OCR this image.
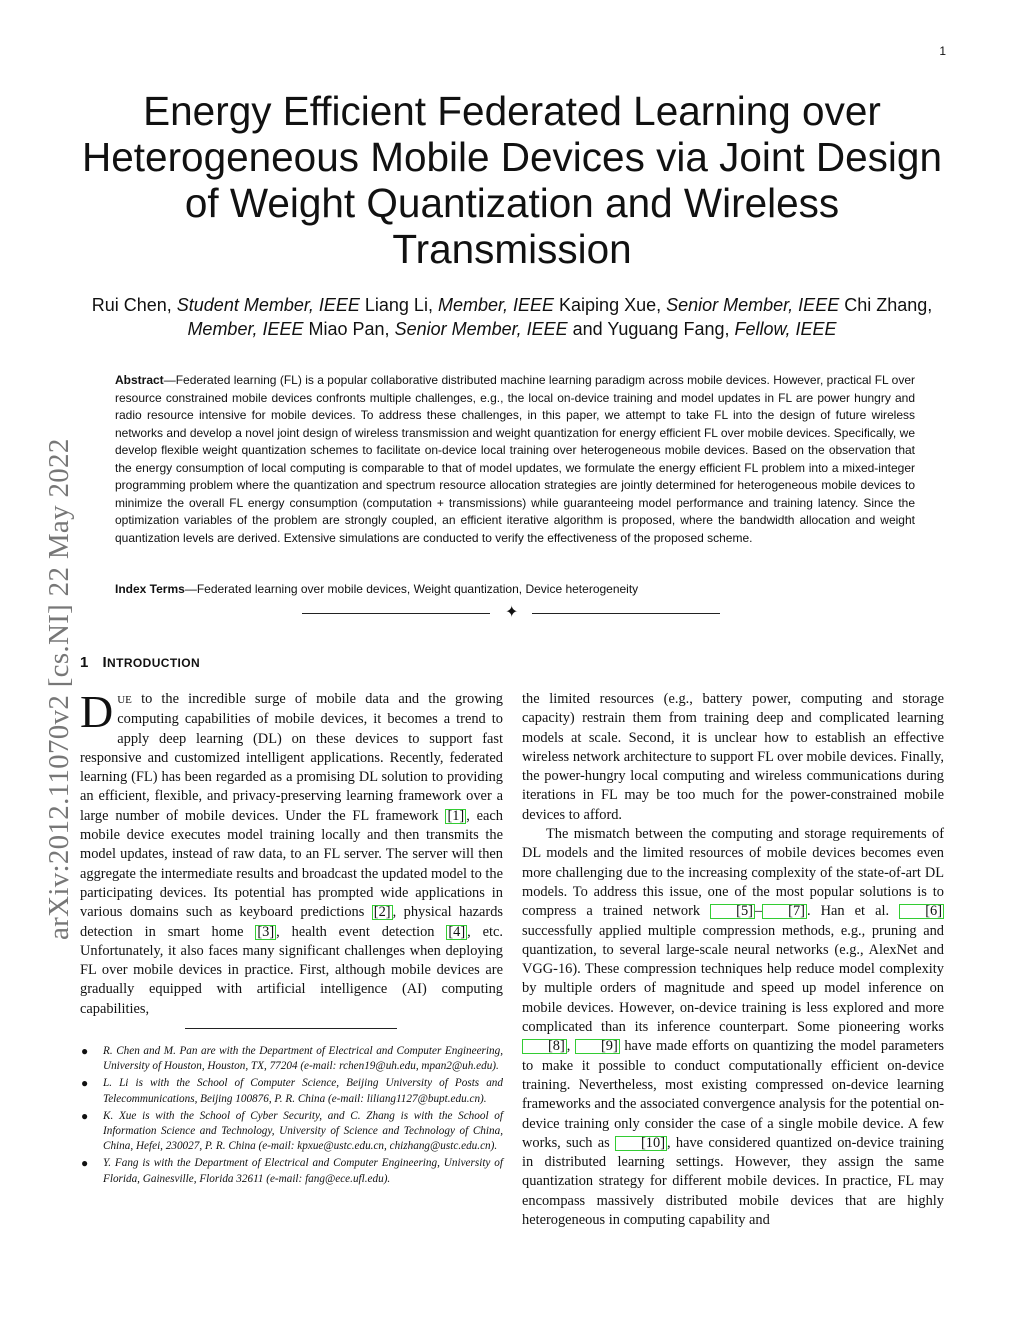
1
arXiv:2012.11070v2 [cs.NI] 22 May 2022
Energy Efficient Federated Learning over
Heterogeneous Mobile Devices via Joint Design
of Weight Quantization and Wireless
Transmission
Rui Chen, Student Member, IEEE Liang Li, Member, IEEE Kaiping Xue, Senior Member, IEEE Chi Zhang, Member, IEEE Miao Pan, Senior Member, IEEE and Yuguang Fang, Fellow, IEEE
Abstract—Federated learning (FL) is a popular collaborative distributed machine learning paradigm across mobile devices. However, practical FL over resource constrained mobile devices confronts multiple challenges, e.g., the local on-device training and model updates in FL are power hungry and radio resource intensive for mobile devices. To address these challenges, in this paper, we attempt to take FL into the design of future wireless networks and develop a novel joint design of wireless transmission and weight quantization for energy efficient FL over mobile devices. Specifically, we develop flexible weight quantization schemes to facilitate on-device local training over heterogeneous mobile devices. Based on the observation that the energy consumption of local computing is comparable to that of model updates, we formulate the energy efficient FL problem into a mixed-integer programming problem where the quantization and spectrum resource allocation strategies are jointly determined for heterogeneous mobile devices to minimize the overall FL energy consumption (computation + transmissions) while guaranteeing model performance and training latency. Since the optimization variables of the problem are strongly coupled, an efficient iterative algorithm is proposed, where the bandwidth allocation and weight quantization levels are derived. Extensive simulations are conducted to verify the effectiveness of the proposed scheme.
Index Terms—Federated learning over mobile devices, Weight quantization, Device heterogeneity
✦
1 INTRODUCTION

DUE to the incredible surge of mobile data and the growing computing capabilities of mobile devices, it becomes a trend to apply deep learning (DL) on these devices to support fast responsive and customized intelligent applications. Recently, federated learning (FL) has been regarded as a promising DL solution to providing an efficient, flexible, and privacy-preserving learning framework over a large number of mobile devices. Under the FL framework [1] , each mobile device executes model training locally and then transmits the model updates, instead of raw data, to an FL server. The server will then aggregate the intermediate results and broadcast the updated model to the participating devices. Its potential has prompted wide applications in various domains such as keyboard predictions [2] , physical hazards detection in smart home [3] , health event detection [4] , etc. Unfortunately, it also faces many significant challenges when deploying FL over mobile devices in practice. First, although mobile devices are gradually equipped with artificial intelligence (AI) computing capabilities,

● R. Chen and M. Pan are with the Department of Electrical and Computer Engineering, University of Houston, Houston, TX, 77204 (e-mail: rchen19@uh.edu, mpan2@uh.edu).
● L. Li is with the School of Computer Science, Beijing University of Posts and Telecommunications, Beijing 100876, P. R. China (e-mail: liliang1127@bupt.edu.cn).
● K. Xue is with the School of Cyber Security, and C. Zhang is with the School of Information Science and Technology, University of Science and Technology of China, China, Hefei, 230027, P. R. China (e-mail: kpxue@ustc.edu.cn, chizhang@ustc.edu.cn).
● Y. Fang is with the Department of Electrical and Computer Engineering, University of Florida, Gainesville, Florida 32611 (e-mail: fang@ece.ufl.edu).

the limited resources (e.g., battery power, computing and storage capacity) restrain them from training deep and complicated learning models at scale. Second, it is unclear how to establish an effective wireless network architecture to support FL over mobile devices. Finally, the power-hungry local computing and wireless communications during iterations in FL may be too much for the power-constrained mobile devices to afford.

The mismatch between the computing and storage requirements of DL models and the limited resources of mobile devices becomes even more challenging due to the increasing complexity of the state-of-art DL models. To address this issue, one of the most popular solutions is to compress a trained network [5] – [7] . Han et al. [6] successfully applied multiple compression methods, e.g., pruning and quantization, to several large-scale neural networks (e.g., AlexNet and VGG-16). These compression techniques help reduce model complexity by multiple orders of magnitude and speed up model inference on mobile devices. However, on-device training is less explored and more complicated than its inference counterpart. Some pioneering works [8] , [9] have made efforts on quantizing the model parameters to make it possible to conduct computationally efficient on-device training. Nevertheless, most existing compressed on-device learning frameworks and the associated convergence analysis for the potential on-device training only consider the case of a single mobile device. A few works, such as [10] , have considered quantized on-device training in distributed learning settings. However, they assign the same quantization strategy for different mobile devices. In practice, FL may encompass massively distributed mobile devices that are highly heterogeneous in computing capability and
